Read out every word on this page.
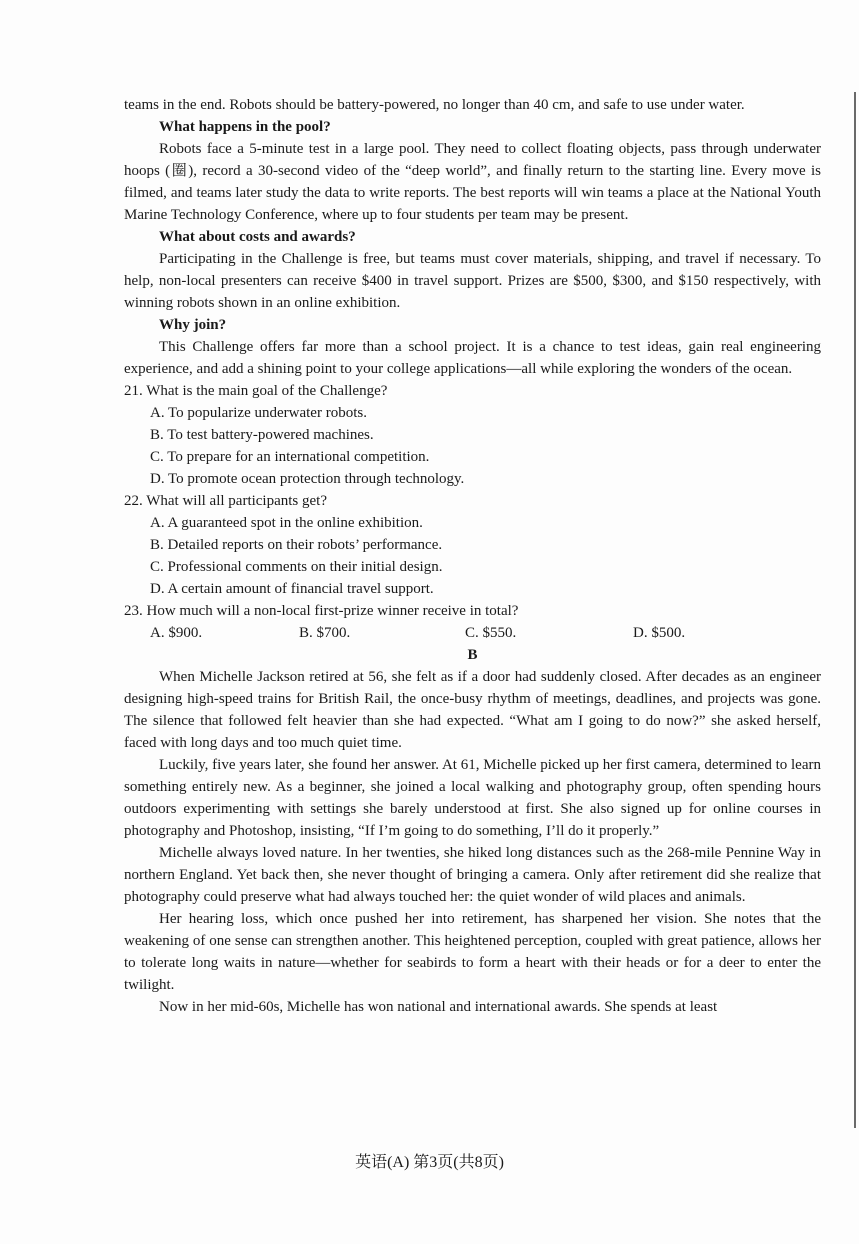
teams in the end. Robots should be battery-powered, no longer than 40 cm, and safe to use under water.

What happens in the pool?

Robots face a 5-minute test in a large pool. They need to collect floating objects, pass through underwater hoops (圈), record a 30-second video of the “deep world”, and finally return to the starting line. Every move is filmed, and teams later study the data to write reports. The best reports will win teams a place at the National Youth Marine Technology Conference, where up to four students per team may be present.

What about costs and awards?

Participating in the Challenge is free, but teams must cover materials, shipping, and travel if necessary. To help, non-local presenters can receive $400 in travel support. Prizes are $500, $300, and $150 respectively, with winning robots shown in an online exhibition.

Why join?

This Challenge offers far more than a school project. It is a chance to test ideas, gain real engineering experience, and add a shining point to your college applications—all while exploring the wonders of the ocean.

21. What is the main goal of the Challenge?
A. To popularize underwater robots.
B. To test battery-powered machines.
C. To prepare for an international competition.
D. To promote ocean protection through technology.
22. What will all participants get?
A. A guaranteed spot in the online exhibition.
B. Detailed reports on their robots’ performance.
C. Professional comments on their initial design.
D. A certain amount of financial travel support.
23. How much will a non-local first-prize winner receive in total?
A. $900.	B. $700.	C. $550.	D. $500.
B

When Michelle Jackson retired at 56, she felt as if a door had suddenly closed. After decades as an engineer designing high-speed trains for British Rail, the once-busy rhythm of meetings, deadlines, and projects was gone. The silence that followed felt heavier than she had expected. “What am I going to do now?” she asked herself, faced with long days and too much quiet time.

Luckily, five years later, she found her answer. At 61, Michelle picked up her first camera, determined to learn something entirely new. As a beginner, she joined a local walking and photography group, often spending hours outdoors experimenting with settings she barely understood at first. She also signed up for online courses in photography and Photoshop, insisting, “If I’m going to do something, I’ll do it properly.”

Michelle always loved nature. In her twenties, she hiked long distances such as the 268-mile Pennine Way in northern England. Yet back then, she never thought of bringing a camera. Only after retirement did she realize that photography could preserve what had always touched her: the quiet wonder of wild places and animals.

Her hearing loss, which once pushed her into retirement, has sharpened her vision. She notes that the weakening of one sense can strengthen another. This heightened perception, coupled with great patience, allows her to tolerate long waits in nature—whether for seabirds to form a heart with their heads or for a deer to enter the twilight.

Now in her mid-60s, Michelle has won national and international awards. She spends at least

英语(A) 第3页(共8页)
